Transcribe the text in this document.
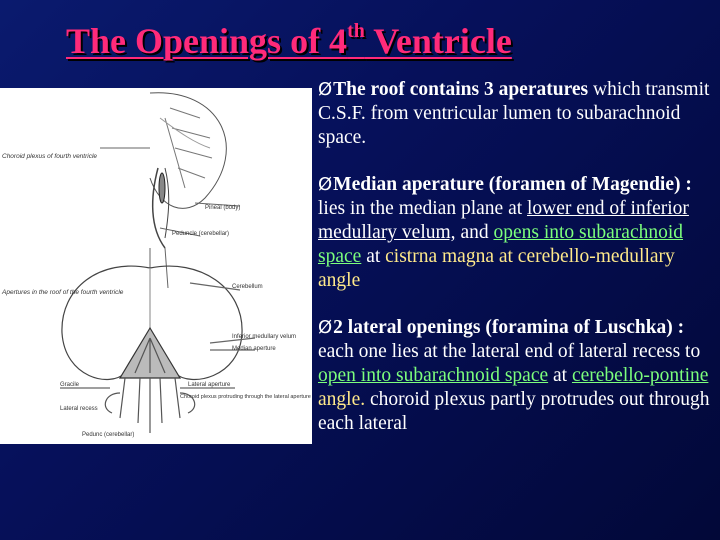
The Openings of 4th Ventricle
Choroid plexus of fourth ventricle
Pineal (body)
Peduncle (cerebellar)
Apertures in the roof of the fourth ventricle
Cerebellum
Inferior medullary velum
Gracile
Lateral recess
Lateral aperture
Choroid plexus protruding through the lateral aperture
Median aperture
Pedunc (cerebellar)

ØThe roof contains 3 aperatures which transmit C.S.F. from ventricular lumen to subarachnoid space.

ØMedian aperature (foramen of Magendie) : lies in the median plane at lower end of inferior medullary velum, and opens into subarachnoid space at cistrna magna at cerebello-medullary angle

Ø2 lateral openings (foramina of Luschka) : each one lies at the lateral end of lateral recess to open into subarachnoid space at cerebello-pontine angle. choroid plexus partly protrudes out through each lateral
